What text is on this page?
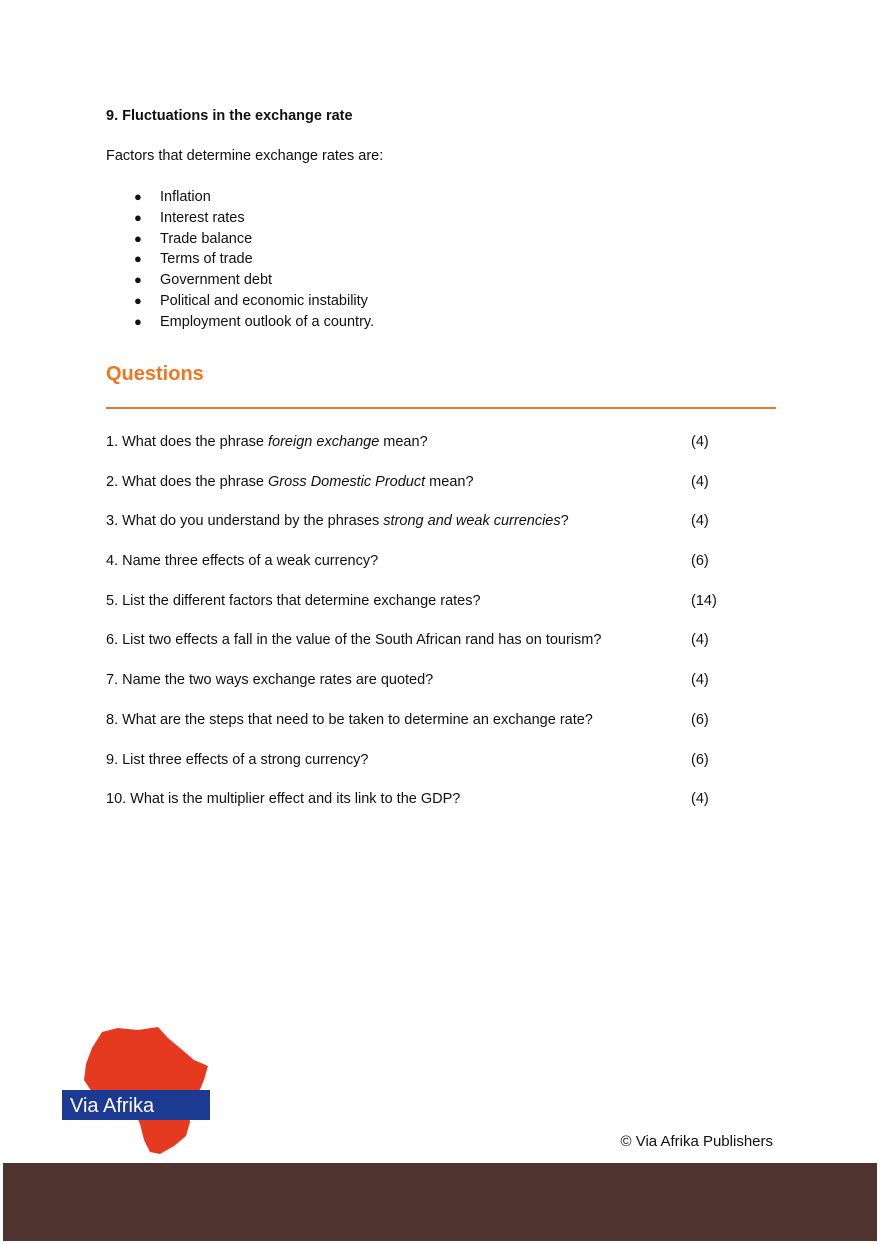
9. Fluctuations in the exchange rate

Factors that determine exchange rates are:

● Inflation
● Interest rates
● Trade balance
● Terms of trade
● Government debt
● Political and economic instability
● Employment outlook of a country.
Questions
1. What does the phrase foreign exchange mean?	(4)
2. What does the phrase Gross Domestic Product mean?	(4)
3. What do you understand by the phrases strong and weak currencies?	(4)
4. Name three effects of a weak currency?	(6)
5. List the different factors that determine exchange rates?	(14)
6. List two effects a fall in the value of the South African rand has on tourism?	(4)
7. Name the two ways exchange rates are quoted?	(4)
8. What are the steps that need to be taken to determine an exchange rate?	(6)
9. List three effects of a strong currency?	(6)
10. What is the multiplier effect and its link to the GDP?	(4)
Via Afrika

© Via Afrika Publishers
